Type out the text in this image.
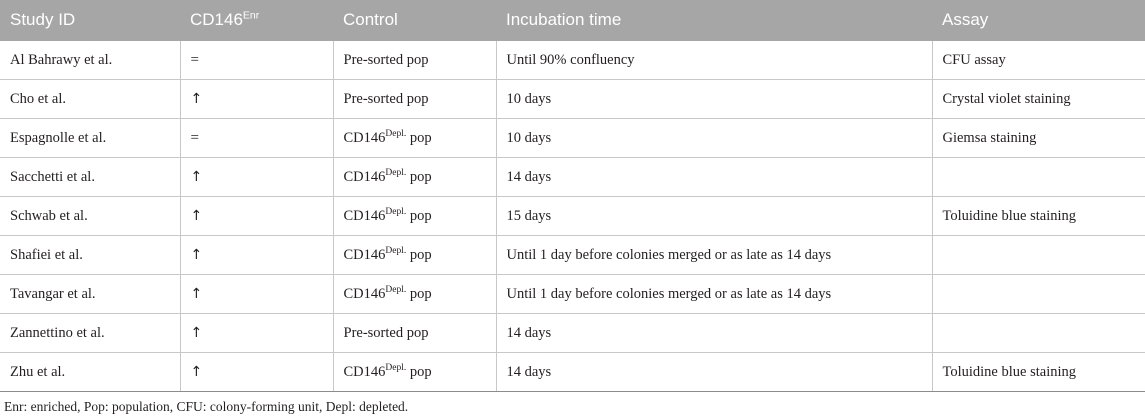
Study ID	$CD146^{Enr}$	Control	Incubation time	Assay
Al Bahrawy et al.	=	Pre-sorted pop	Until 90% confluency	CFU assay
Cho et al.	↑	Pre-sorted pop	10 days	Crystal violet staining
Espagnolle et al.	=	$CD146^{Depl.}$ pop	10 days	Giemsa staining
Sacchetti et al.	↑	$CD146^{Depl.}$ pop	14 days	
Schwab et al.	↑	$CD146^{Depl.}$ pop	15 days	Toluidine blue staining
Shafiei et al.	↑	$CD146^{Depl.}$ pop	Until 1 day before colonies merged or as late as 14 days	
Tavangar et al.	↑	$CD146^{Depl.}$ pop	Until 1 day before colonies merged or as late as 14 days	
Zannettino et al.	↑	Pre-sorted pop	14 days	
Zhu et al.	↑	$CD146^{Depl.}$ pop	14 days	Toluidine blue staining
Enr: enriched, Pop: population, CFU: colony-forming unit, Depl: depleted.
